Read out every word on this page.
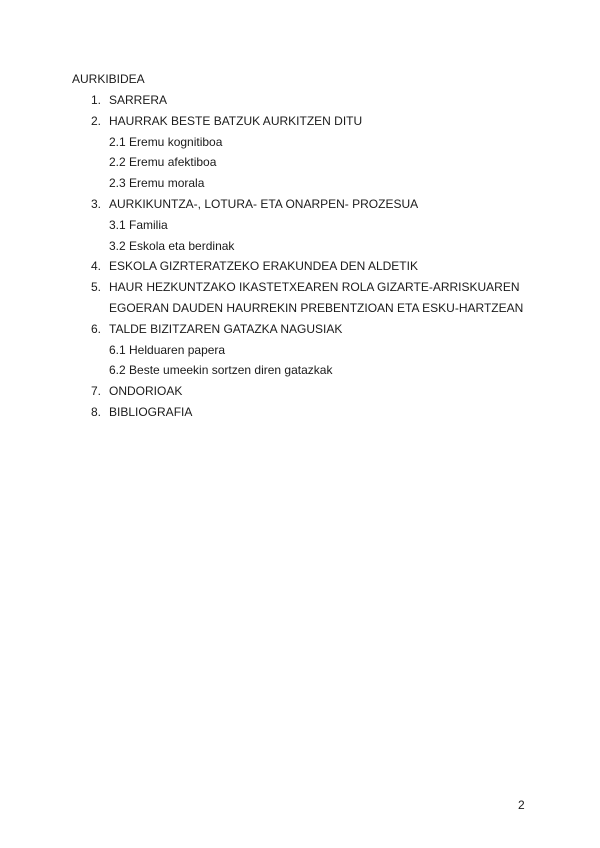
AURKIBIDEA
1. SARRERA
2. HAURRAK BESTE BATZUK AURKITZEN DITU
2.1 Eremu kognitiboa
2.2 Eremu afektiboa
2.3 Eremu morala
3. AURKIKUNTZA-, LOTURA- ETA ONARPEN- PROZESUA
3.1 Familia
3.2 Eskola eta berdinak
4. ESKOLA GIZRTERATZEKO ERAKUNDEA DEN ALDETIK
5. HAUR HEZKUNTZAKO IKASTETXEAREN ROLA GIZARTE-ARRISKUAREN
EGOERAN DAUDEN HAURREKIN PREBENTZIOAN ETA ESKU-HARTZEAN
6. TALDE BIZITZAREN GATAZKA NAGUSIAK
6.1 Helduaren papera
6.2 Beste umeekin sortzen diren gatazkak
7. ONDORIOAK
8. BIBLIOGRAFIA
2
